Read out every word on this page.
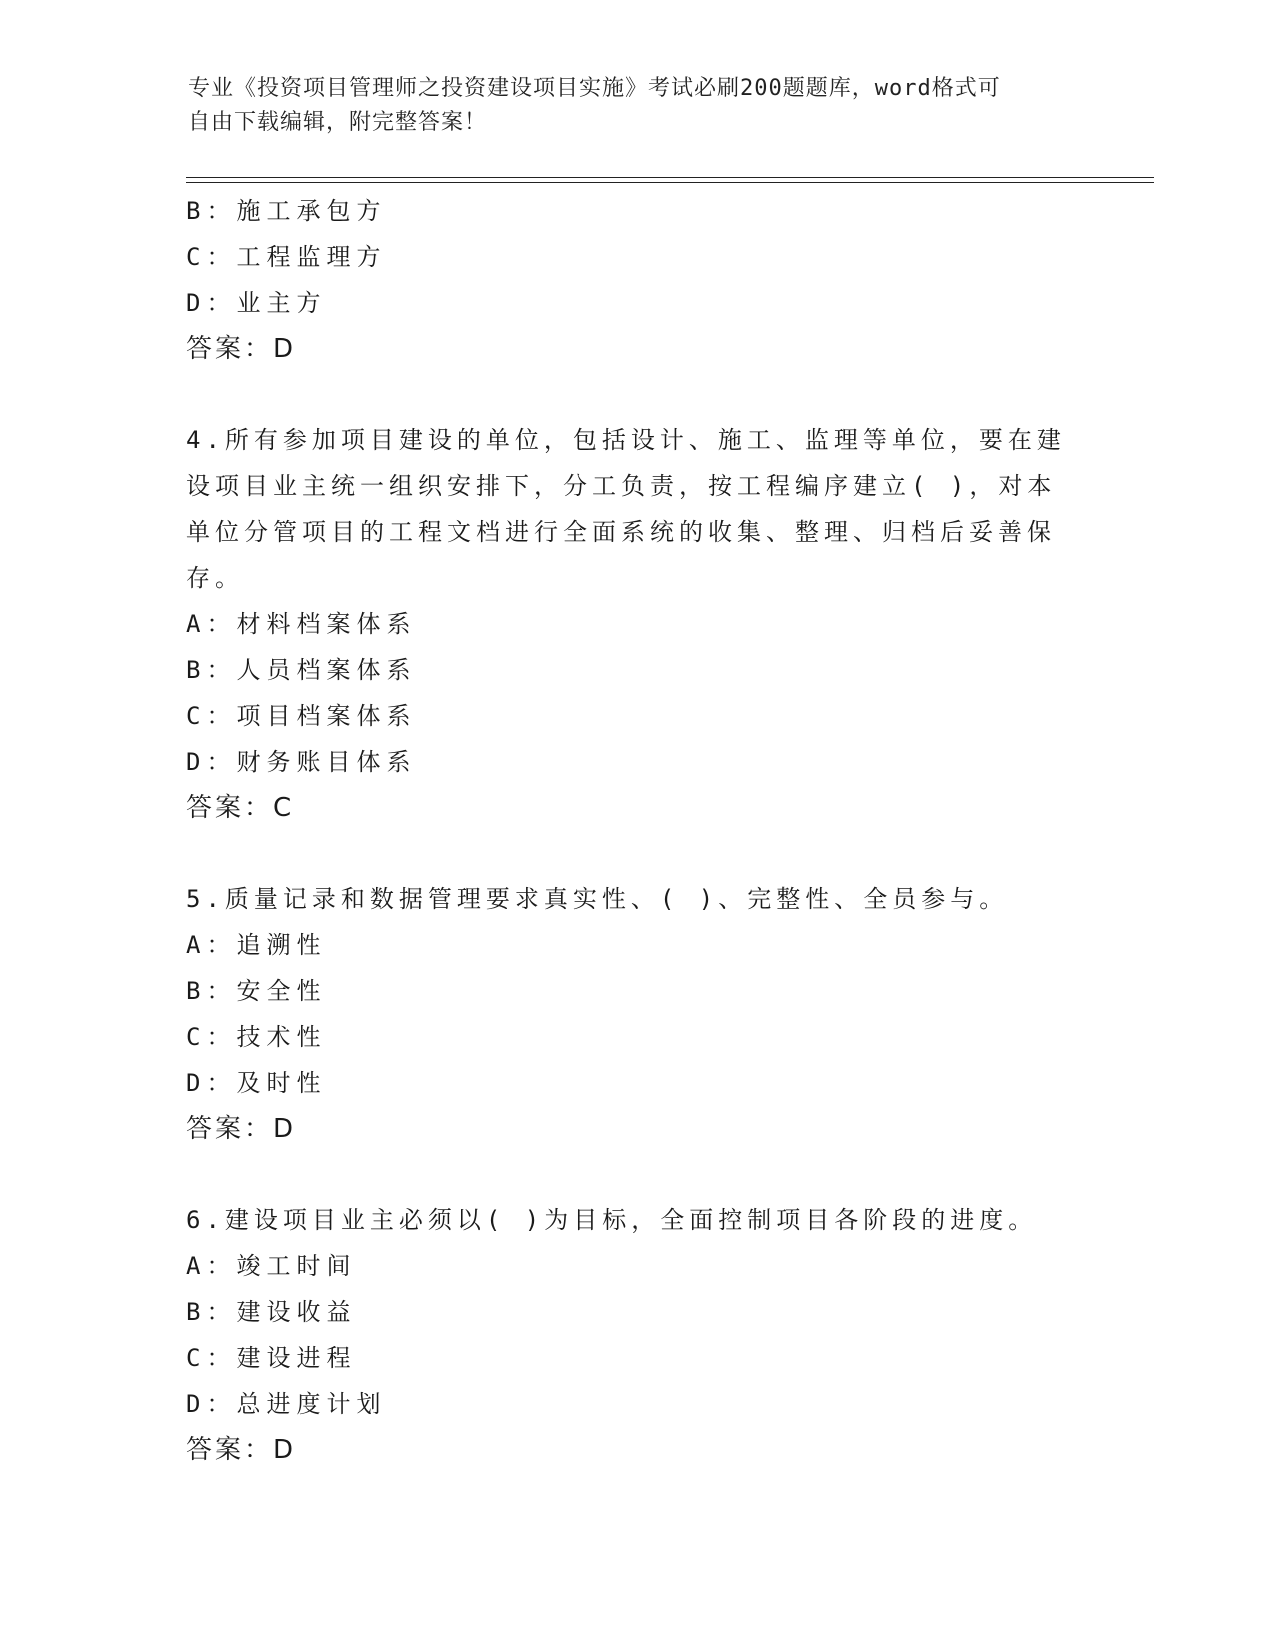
专业《投资项目管理师之投资建设项目实施》考试必刷200题题库，word格式可
自由下载编辑，附完整答案！
B：施工承包方
C：工程监理方
D：业主方
答案：D
4.所有参加项目建设的单位，包括设计、施工、监理等单位，要在建
设项目业主统一组织安排下，分工负责，按工程编序建立( )，对本
单位分管项目的工程文档进行全面系统的收集、整理、归档后妥善保
存。
A：材料档案体系
B：人员档案体系
C：项目档案体系
D：财务账目体系
答案：C
5.质量记录和数据管理要求真实性、( )、完整性、全员参与。
A：追溯性
B：安全性
C：技术性
D：及时性
答案：D
6.建设项目业主必须以( )为目标，全面控制项目各阶段的进度。
A：竣工时间
B：建设收益
C：建设进程
D：总进度计划
答案：D
